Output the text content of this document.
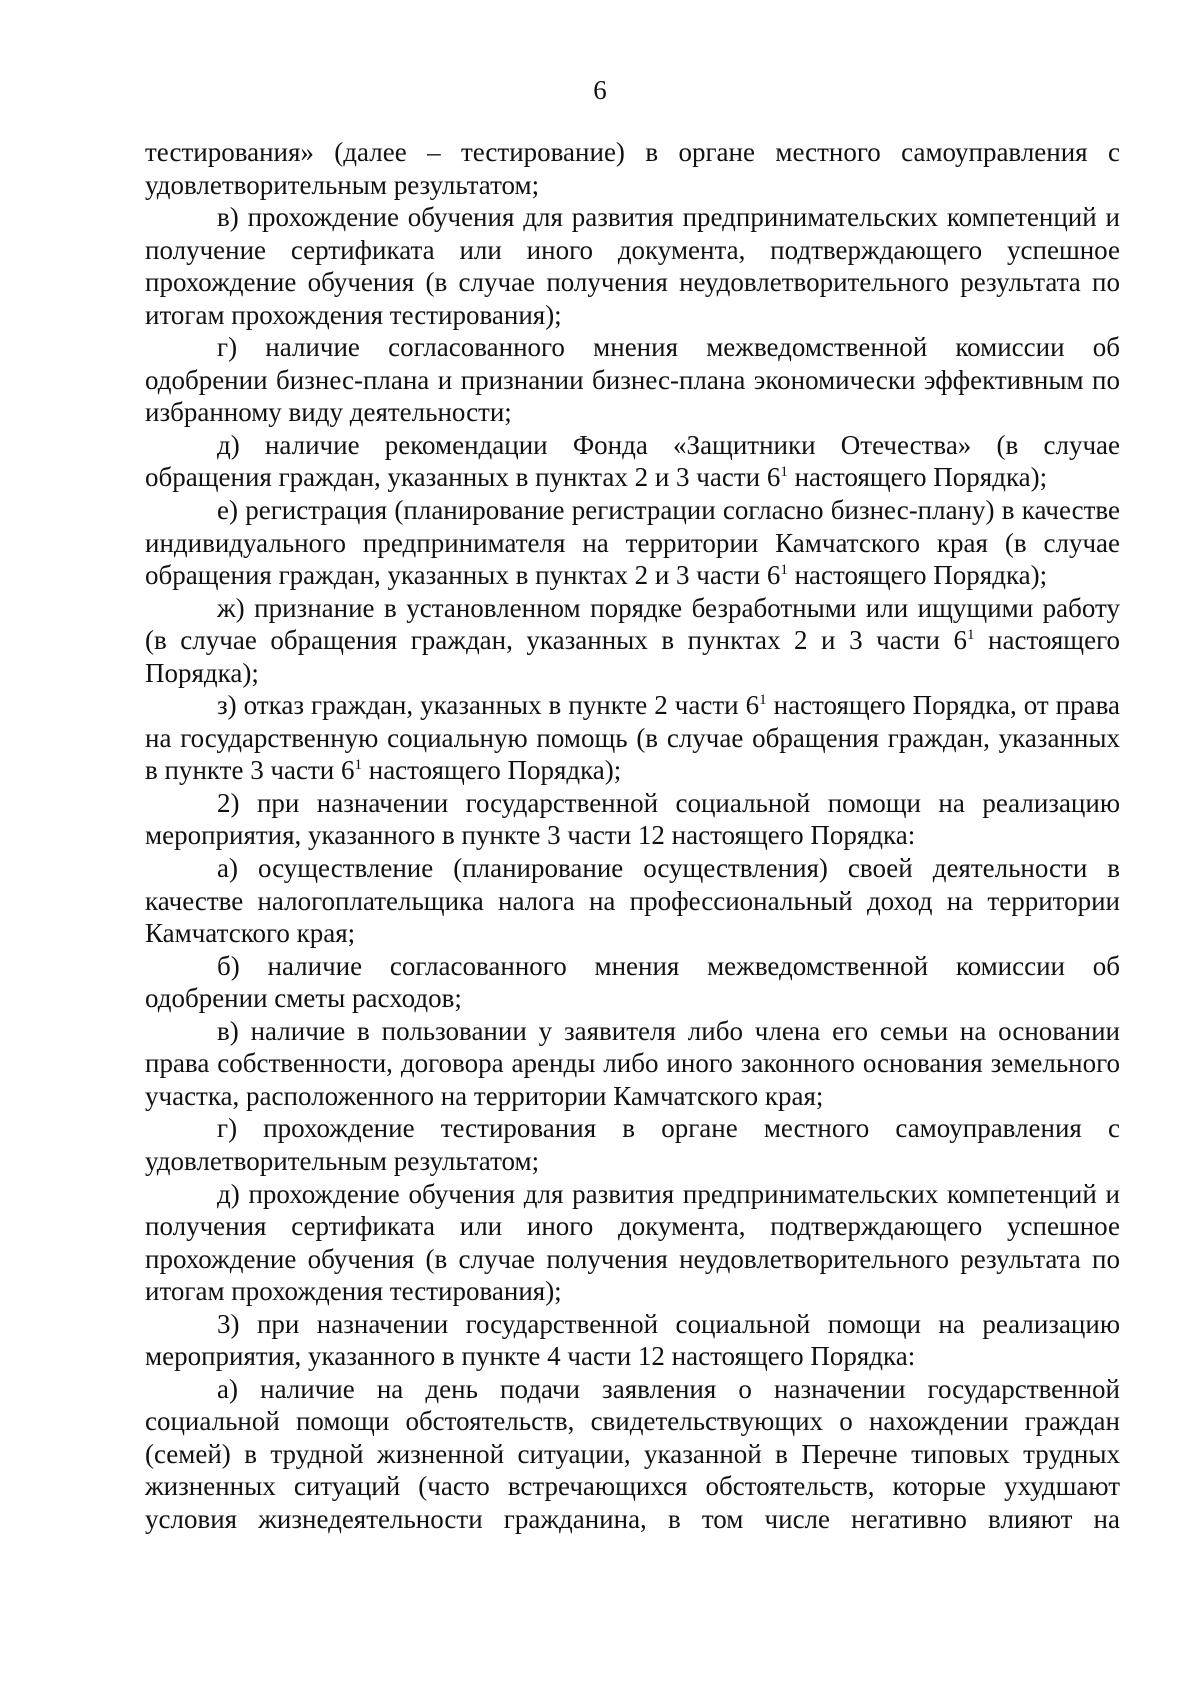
6

тестирования» (далее – тестирование) в органе местного самоуправления с удовлетворительным результатом;

в) прохождение обучения для развития предпринимательских компетенций и получение сертификата или иного документа, подтверждающего успешное прохождение обучения (в случае получения неудовлетворительного результата по итогам прохождения тестирования);

г) наличие согласованного мнения межведомственной комиссии об одобрении бизнес-плана и признании бизнес-плана экономически эффективным по избранному виду деятельности;

д) наличие рекомендации Фонда «Защитники Отечества» (в случае обращения граждан, указанных в пунктах 2 и 3 части $6^1$ настоящего Порядка);

е) регистрация (планирование регистрации согласно бизнес-плану) в качестве индивидуального предпринимателя на территории Камчатского края (в случае обращения граждан, указанных в пунктах 2 и 3 части $6^1$ настоящего Порядка);

ж) признание в установленном порядке безработными или ищущими работу (в случае обращения граждан, указанных в пунктах 2 и 3 части $6^1$ настоящего Порядка);

з) отказ граждан, указанных в пункте 2 части $6^1$ настоящего Порядка, от права на государственную социальную помощь (в случае обращения граждан, указанных в пункте 3 части $6^1$ настоящего Порядка);

2) при назначении государственной социальной помощи на реализацию мероприятия, указанного в пункте 3 части 12 настоящего Порядка:

а) осуществление (планирование осуществления) своей деятельности в качестве налогоплательщика налога на профессиональный доход на территории Камчатского края;

б) наличие согласованного мнения межведомственной комиссии об одобрении сметы расходов;

в) наличие в пользовании у заявителя либо члена его семьи на основании права собственности, договора аренды либо иного законного основания земельного участка, расположенного на территории Камчатского края;

г) прохождение тестирования в органе местного самоуправления с удовлетворительным результатом;

д) прохождение обучения для развития предпринимательских компетенций и получения сертификата или иного документа, подтверждающего успешное прохождение обучения (в случае получения неудовлетворительного результата по итогам прохождения тестирования);

3) при назначении государственной социальной помощи на реализацию мероприятия, указанного в пункте 4 части 12 настоящего Порядка:

а) наличие на день подачи заявления о назначении государственной социальной помощи обстоятельств, свидетельствующих о нахождении граждан (семей) в трудной жизненной ситуации, указанной в Перечне типовых трудных жизненных ситуаций (часто встречающихся обстоятельств, которые ухудшают условия жизнедеятельности гражданина, в том числе негативно влияют на
